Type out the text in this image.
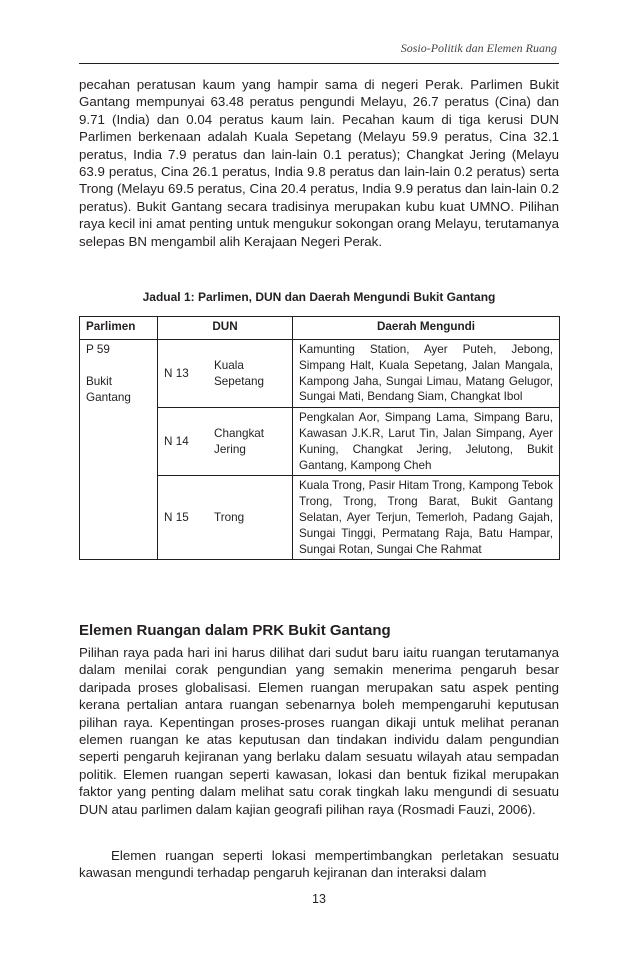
Sosio-Politik dan Elemen Ruang

pecahan peratusan kaum yang hampir sama di negeri Perak. Parlimen Bukit Gantang mempunyai 63.48 peratus pengundi Melayu, 26.7 peratus (Cina) dan 9.71 (India) dan 0.04 peratus kaum lain. Pecahan kaum di tiga kerusi DUN Parlimen berkenaan adalah Kuala Sepetang (Melayu 59.9 peratus, Cina 32.1 peratus, India 7.9 peratus dan lain-lain 0.1 peratus); Changkat Jering (Melayu 63.9 peratus, Cina 26.1 peratus, India 9.8 peratus dan lain-lain 0.2 peratus) serta Trong (Melayu 69.5 peratus, Cina 20.4 peratus, India 9.9 peratus dan lain-lain 0.2 peratus). Bukit Gantang secara tradisinya merupakan kubu kuat UMNO. Pilihan raya kecil ini amat penting untuk mengukur sokongan orang Melayu, terutamanya selepas BN mengambil alih Kerajaan Negeri Perak.

Jadual 1: Parlimen, DUN dan Daerah Mengundi Bukit Gantang
Parlimen	DUN		Daerah Mengundi

P 59
Bukit Gantang	N 13	Kuala Sepetang	Kamunting Station, Ayer Puteh, Jebong, Simpang Halt, Kuala Sepetang, Jalan Mangala, Kampong Jaha, Sungai Limau, Matang Gelugor, Sungai Mati, Bendang Siam, Changkat Ibol
	N 14	Changkat Jering	Pengkalan Aor, Simpang Lama, Simpang Baru, Kawasan J.K.R, Larut Tin, Jalan Simpang, Ayer Kuning, Changkat Jering, Jelutong, Bukit Gantang, Kampong Cheh
	N 15	Trong	Kuala Trong, Pasir Hitam Trong, Kampong Tebok Trong, Trong, Trong Barat, Bukit Gantang Selatan, Ayer Terjun, Temerloh, Padang Gajah, Sungai Tinggi, Permatang Raja, Batu Hampar, Sungai Rotan, Sungai Che Rahmat
Elemen Ruangan dalam PRK Bukit Gantang

Pilihan raya pada hari ini harus dilihat dari sudut baru iaitu ruangan terutamanya dalam menilai corak pengundian yang semakin menerima pengaruh besar daripada proses globalisasi. Elemen ruangan merupakan satu aspek penting kerana pertalian antara ruangan sebenarnya boleh mempengaruhi keputusan pilihan raya. Kepentingan proses-proses ruangan dikaji untuk melihat peranan elemen ruangan ke atas keputusan dan tindakan individu dalam pengundian seperti pengaruh kejiranan yang berlaku dalam sesuatu wilayah atau sempadan politik. Elemen ruangan seperti kawasan, lokasi dan bentuk fizikal merupakan faktor yang penting dalam melihat satu corak tingkah laku mengundi di sesuatu DUN atau parlimen dalam kajian geografi pilihan raya (Rosmadi Fauzi, 2006).

Elemen ruangan seperti lokasi mempertimbangkan perletakan sesuatu kawasan mengundi terhadap pengaruh kejiranan dan interaksi dalam

13
